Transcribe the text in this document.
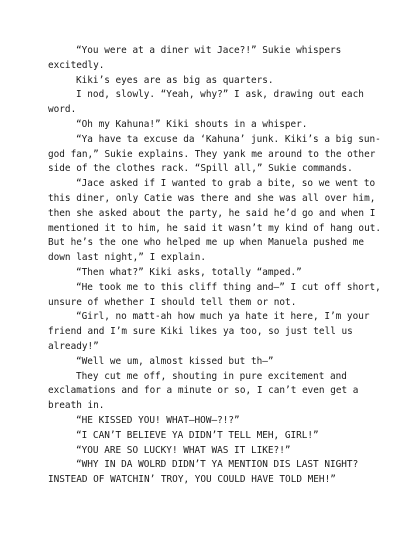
“You were at a diner wit Jace?!” Sukie whispers excitedly.

Kiki’s eyes are as big as quarters.

I nod, slowly. “Yeah, why?” I ask, drawing out each word.

“Oh my Kahuna!” Kiki shouts in a whisper.

“Ya have ta excuse da ‘Kahuna’ junk. Kiki’s a big sun-god fan,” Sukie explains. They yank me around to the other side of the clothes rack. “Spill all,” Sukie commands.

“Jace asked if I wanted to grab a bite, so we went to this diner, only Catie was there and she was all over him, then she asked about the party, he said he’d go and when I mentioned it to him, he said it wasn’t my kind of hang out. But he’s the one who helped me up when Manuela pushed me down last night,” I explain.

“Then what?” Kiki asks, totally “amped.”

“He took me to this cliff thing and—” I cut off short, unsure of whether I should tell them or not.

“Girl, no matt-ah how much ya hate it here, I’m your friend and I’m sure Kiki likes ya too, so just tell us already!”

“Well we um, almost kissed but th—”

They cut me off, shouting in pure excitement and exclamations and for a minute or so, I can’t even get a breath in.

“HE KISSED YOU! WHAT—HOW—?!?”

“I CAN’T BELIEVE YA DIDN’T TELL MEH, GIRL!”

“YOU ARE SO LUCKY! WHAT WAS IT LIKE?!”

“WHY IN DA WOLRD DIDN’T YA MENTION DIS LAST NIGHT? INSTEAD OF WATCHIN’ TROY, YOU COULD HAVE TOLD MEH!”
